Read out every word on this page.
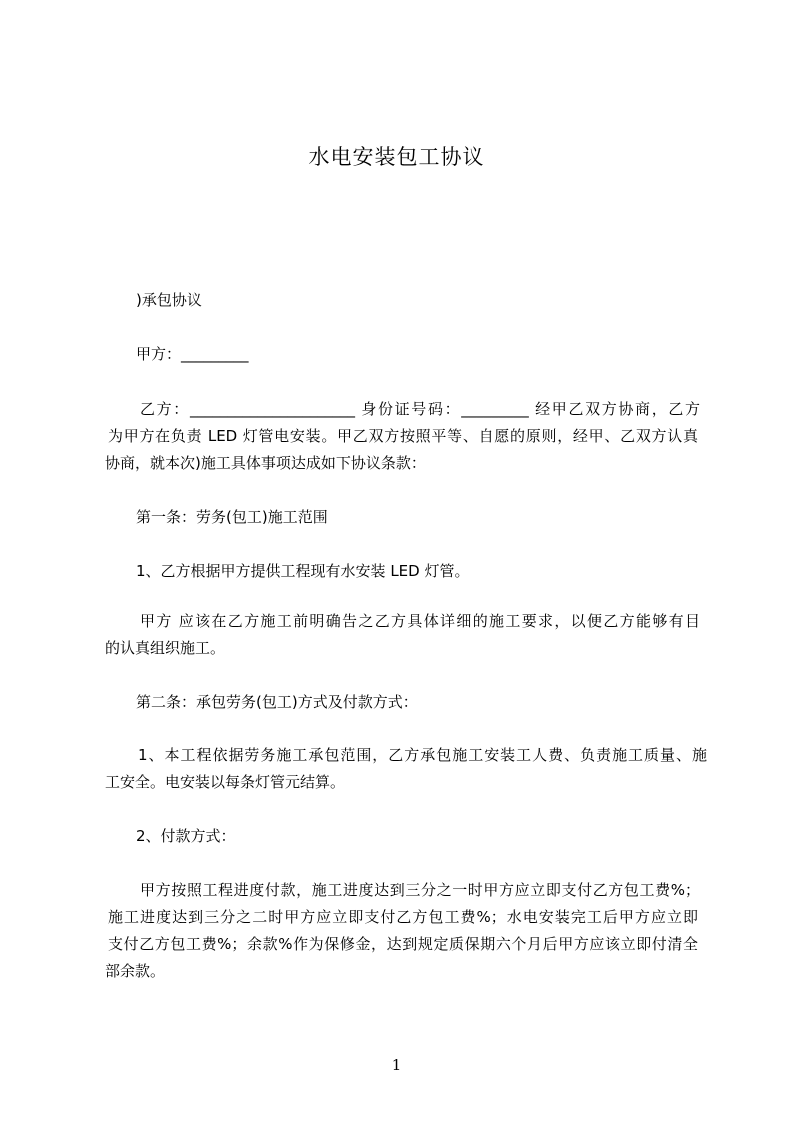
水电安装包工协议
)承包协议
甲方：_________
乙方：______________________ 身份证号码：_________ 经甲乙双方协商，乙方
为甲方在负责 LED 灯管电安装。甲乙双方按照平等、自愿的原则，经甲、乙双方认真
协商，就本次)施工具体事项达成如下协议条款：
第一条：劳务(包工)施工范围
1、乙方根据甲方提供工程现有水安装 LED 灯管。
甲方 应该在乙方施工前明确告之乙方具体详细的施工要求，以便乙方能够有目
的认真组织施工。
第二条：承包劳务(包工)方式及付款方式：
1、本工程依据劳务施工承包范围，乙方承包施工安装工人费、负责施工质量、施
工安全。电安装以每条灯管元结算。
2、付款方式：
甲方按照工程进度付款，施工进度达到三分之一时甲方应立即支付乙方包工费%；
施工进度达到三分之二时甲方应立即支付乙方包工费%；水电安装完工后甲方应立即
支付乙方包工费%；余款%作为保修金，达到规定质保期六个月后甲方应该立即付清全
部余款。
1
